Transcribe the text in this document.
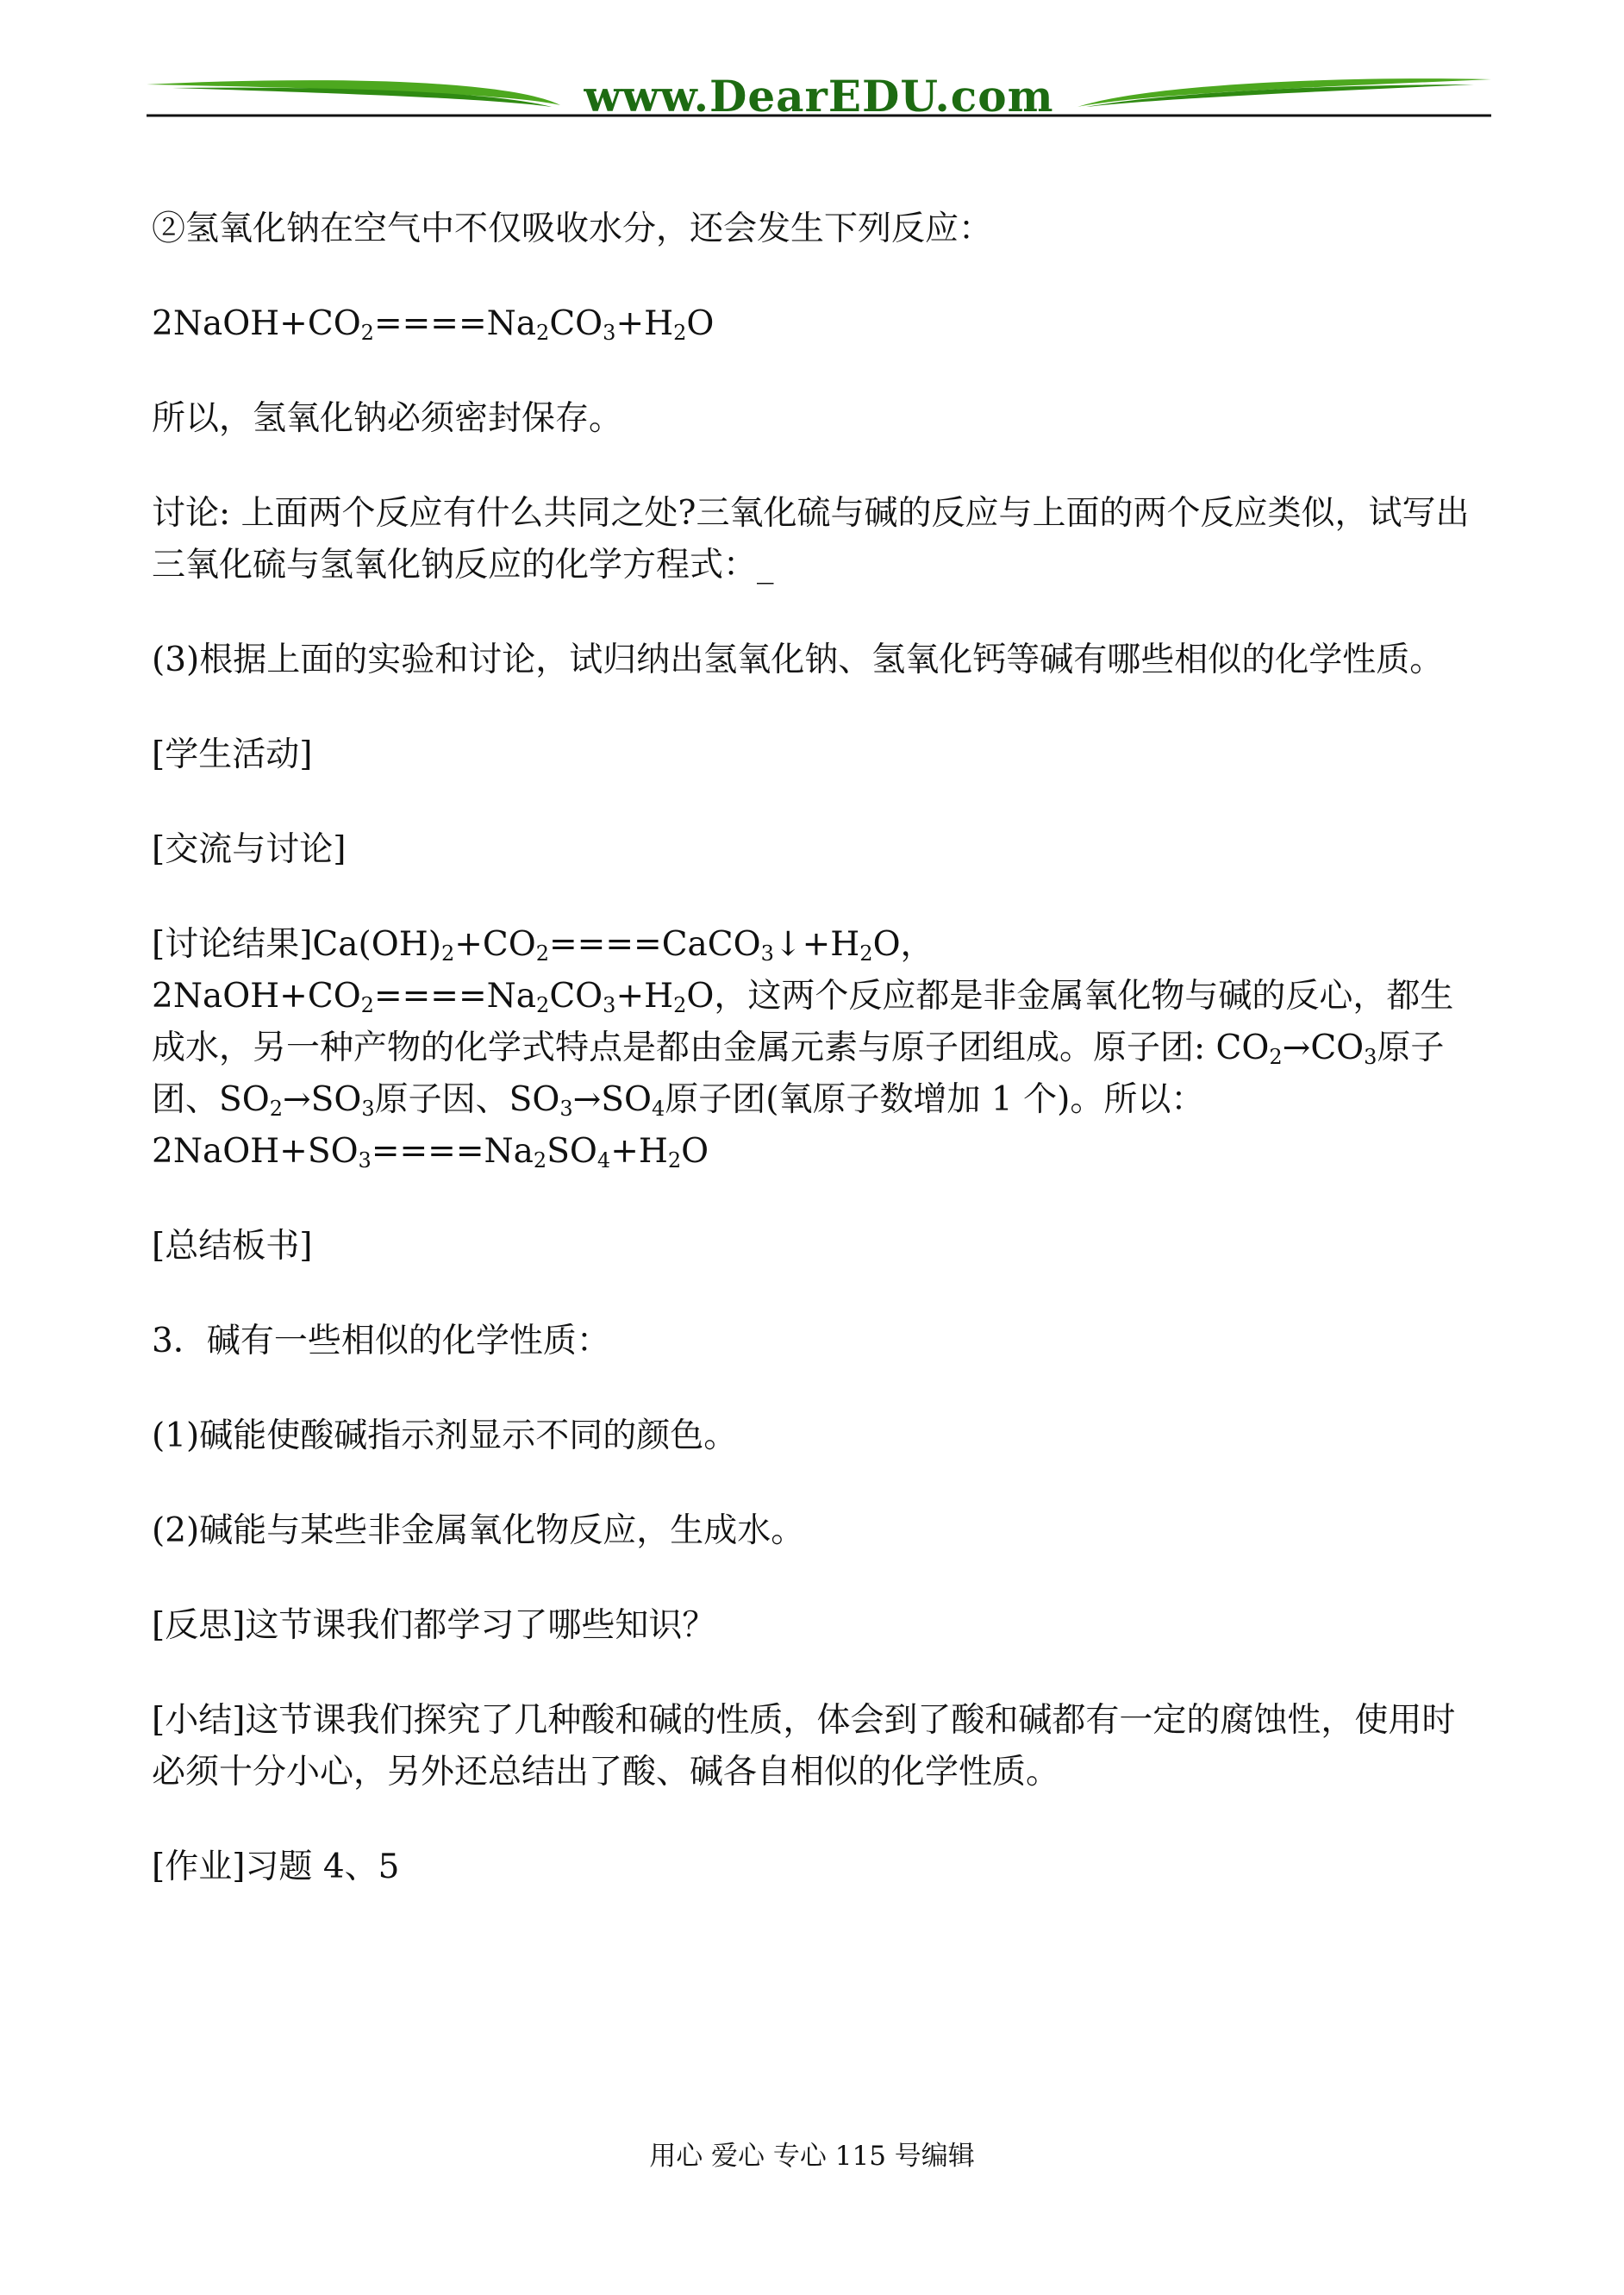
www.DearEDU.com

②氢氧化钠在空气中不仅吸收水分，还会发生下列反应：

$2NaOH+CO_2====Na_2CO_3+H_2O$

所以，氢氧化钠必须密封保存。

讨论: 上面两个反应有什么共同之处?三氧化硫与碱的反应与上面的两个反应类似，试写出三氧化硫与氢氧化钠反应的化学方程式：_

(3)根据上面的实验和讨论，试归纳出氢氧化钠、氢氧化钙等碱有哪些相似的化学性质。

[学生活动]

[交流与讨论]

[讨论结果]$Ca(OH)_2+CO_2====CaCO_3↓+H_2O$，$2NaOH+CO_2====Na_2CO_3+H_2O$，这两个反应都是非金属氧化物与碱的反心，都生成水，另一种产物的化学式特点是都由金属元素与原子团组成。原子团: $CO_2\to CO_3$原子团、$SO_2\to SO_3$原子因、$SO_3\to SO_4$原子团(氧原子数增加 1 个)。所以：$2NaOH+SO_3====Na_2SO_4+H_2O$

[总结板书]

3．碱有一些相似的化学性质：

(1)碱能使酸碱指示剂显示不同的颜色。

(2)碱能与某些非金属氧化物反应，生成水。

[反思]这节课我们都学习了哪些知识？

[小结]这节课我们探究了几种酸和碱的性质，体会到了酸和碱都有一定的腐蚀性，使用时必须十分小心，另外还总结出了酸、碱各自相似的化学性质。

[作业]习题 4、5

用心 爱心 专心 115 号编辑
